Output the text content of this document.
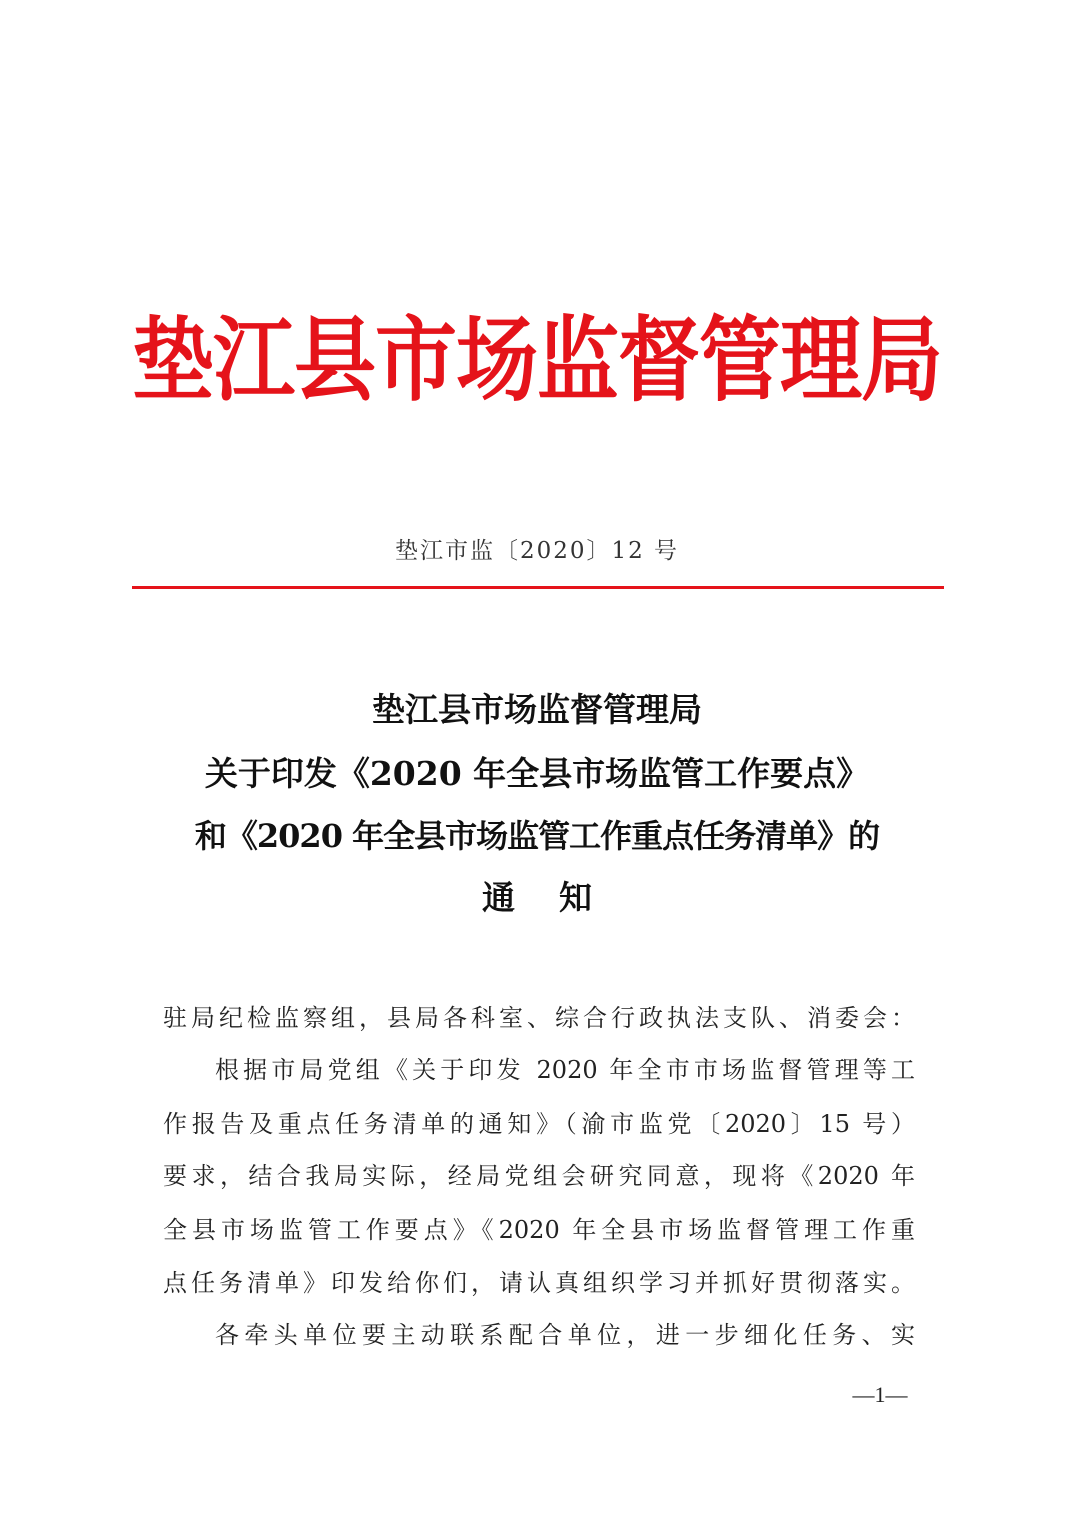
垫江县市场监督管理局
垫江市监〔2020〕12 号
垫江县市场监督管理局
关于印发《2020 年全县市场监管工作要点》
和《2020 年全县市场监管工作重点任务清单》的
通知
驻局纪检监察组，县局各科室、综合行政执法支队、消委会：
根据市局党组《关于印发 2020 年全市市场监督管理等工
作报告及重点任务清单的通知》（渝市监党〔2020〕15 号）
要求，结合我局实际，经局党组会研究同意，现将《2020 年
全县市场监管工作要点》《2020 年全县市场监督管理工作重
点任务清单》印发给你们，请认真组织学习并抓好贯彻落实。
各牵头单位要主动联系配合单位，进一步细化任务、实
—1—
